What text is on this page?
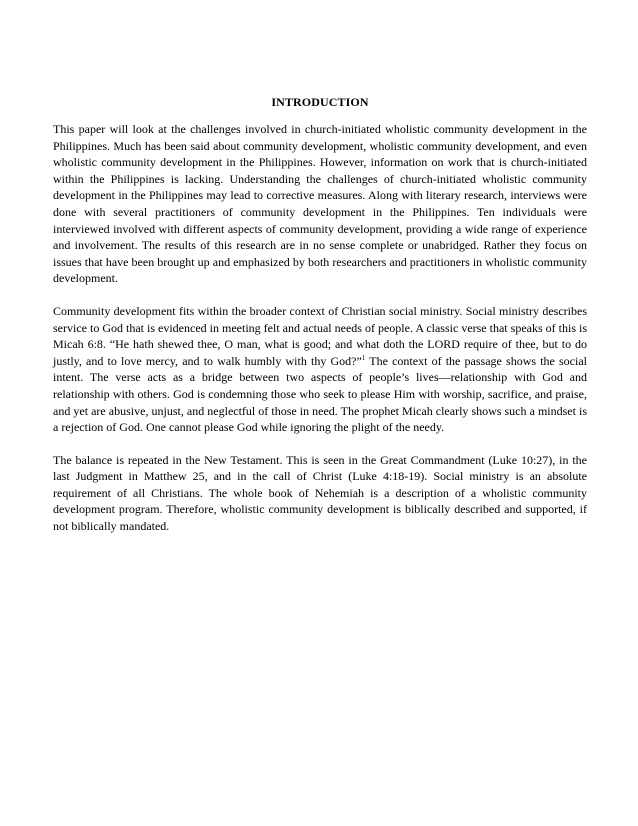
INTRODUCTION

This paper will look at the challenges involved in church-initiated wholistic community development in the Philippines. Much has been said about community development, wholistic community development, and even wholistic community development in the Philippines. However, information on work that is church-initiated within the Philippines is lacking. Understanding the challenges of church-initiated wholistic community development in the Philippines may lead to corrective measures. Along with literary research, interviews were done with several practitioners of community development in the Philippines. Ten individuals were interviewed involved with different aspects of community development, providing a wide range of experience and involvement. The results of this research are in no sense complete or unabridged. Rather they focus on issues that have been brought up and emphasized by both researchers and practitioners in wholistic community development.

Community development fits within the broader context of Christian social ministry. Social ministry describes service to God that is evidenced in meeting felt and actual needs of people. A classic verse that speaks of this is Micah 6:8. “He hath shewed thee, O man, what is good; and what doth the LORD require of thee, but to do justly, and to love mercy, and to walk humbly with thy God?”$^1$ The context of the passage shows the social intent. The verse acts as a bridge between two aspects of people’s lives—relationship with God and relationship with others. God is condemning those who seek to please Him with worship, sacrifice, and praise, and yet are abusive, unjust, and neglectful of those in need. The prophet Micah clearly shows such a mindset is a rejection of God. One cannot please God while ignoring the plight of the needy.

The balance is repeated in the New Testament. This is seen in the Great Commandment (Luke 10:27), in the last Judgment in Matthew 25, and in the call of Christ (Luke 4:18-19). Social ministry is an absolute requirement of all Christians. The whole book of Nehemiah is a description of a wholistic community development program. Therefore, wholistic community development is biblically described and supported, if not biblically mandated.
